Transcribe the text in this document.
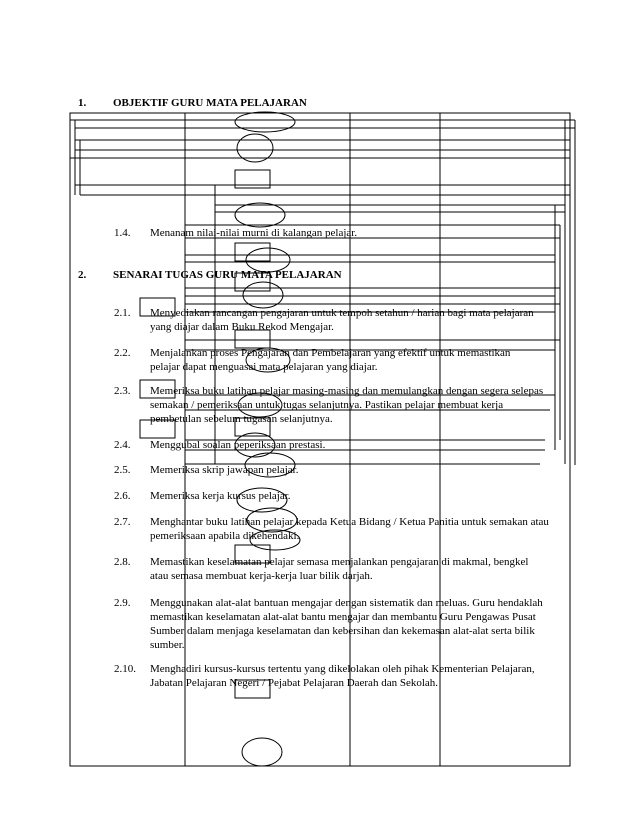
1. OBJEKTIF GURU MATA PELAJARAN
1.4. Menanam nilai-nilai murni di kalangan pelajar.
2. SENARAI TUGAS GURU MATA PELAJARAN
2.1. Menyediakan rancangan pengajaran untuk tempoh setahun / harian bagi mata pelajaran
yang diajar dalam Buku Rekod Mengajar.
2.2. Menjalankan proses Pengajaran dan Pembelajaran yang efektif untuk memastikan
pelajar dapat menguasai mata pelajaran yang diajar.
2.3. Memeriksa buku latihan pelajar masing-masing dan memulangkan dengan segera selepas
semakan / pemeriksaan untuk tugas selanjutnya. Pastikan pelajar membuat kerja
pembetulan sebelum tugasan selanjutnya.
2.4. Menggubal soalan peperiksaan prestasi.
2.5. Memeriksa skrip jawapan pelajar.
2.6. Memeriksa kerja kursus pelajar.
2.7. Menghantar buku latihan pelajar kepada Ketua Bidang / Ketua Panitia untuk semakan atau
pemeriksaan apabila dikehendaki.
2.8. Memastikan keselamatan pelajar semasa menjalankan pengajaran di makmal, bengkel
atau semasa membuat kerja-kerja luar bilik darjah.
2.9. Menggunakan alat-alat bantuan mengajar dengan sistematik dan meluas. Guru hendaklah
memastikan keselamatan alat-alat bantu mengajar dan membantu Guru Pengawas Pusat
Sumber dalam menjaga keselamatan dan kebersihan dan kekemasan alat-alat serta bilik
sumber.
2.10. Menghadiri kursus-kursus tertentu yang dikelolakan oleh pihak Kementerian Pelajaran,
Jabatan Pelajaran Negeri / Pejabat Pelajaran Daerah dan Sekolah.
